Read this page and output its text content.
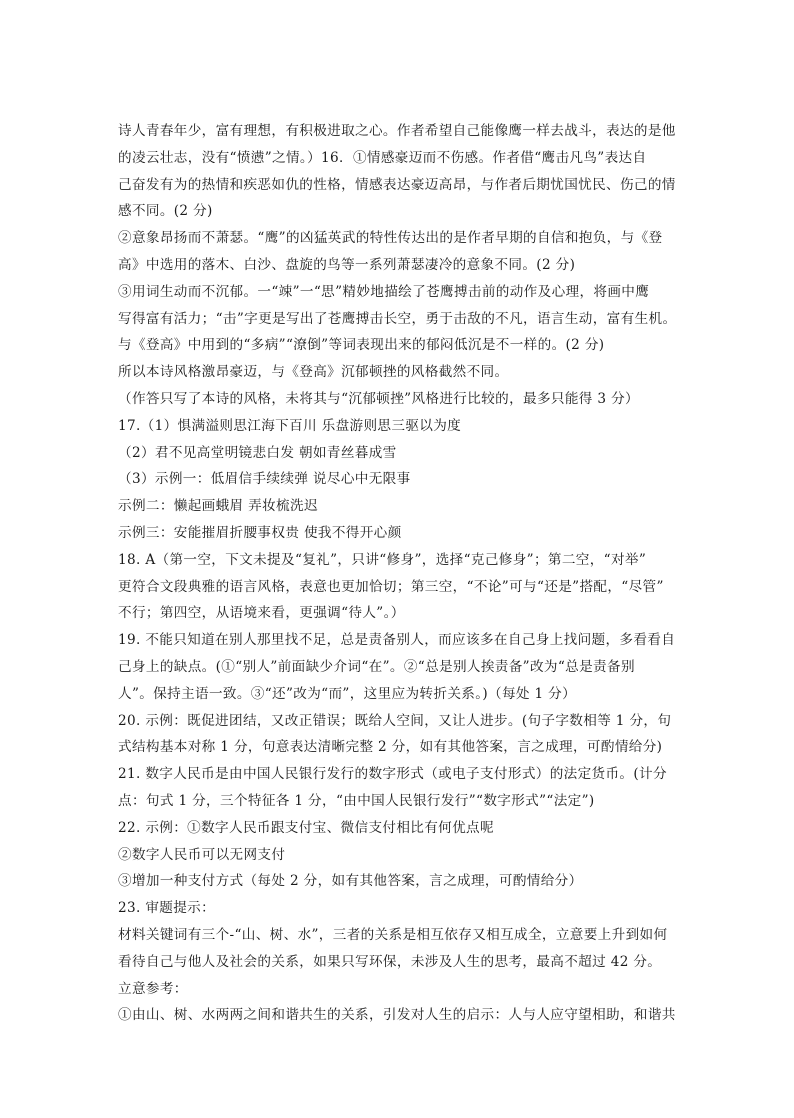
诗人青春年少，富有理想，有积极进取之心。作者希望自己能像鹰一样去战斗，表达的是他
的凌云壮志，没有“愤懑”之情。）16．①情感豪迈而不伤感。作者借“鹰击凡鸟”表达自
己奋发有为的热情和疾恶如仇的性格，情感表达豪迈高昂，与作者后期忧国忧民、伤己的情
感不同。(2 分)
②意象昂扬而不萧瑟。“鹰”的凶猛英武的特性传达出的是作者早期的自信和抱负，与《登
高》中选用的落木、白沙、盘旋的鸟等一系列萧瑟凄冷的意象不同。(2 分)
③用词生动而不沉郁。一“竦”一“思”精妙地描绘了苍鹰搏击前的动作及心理，将画中鹰
写得富有活力；“击”字更是写出了苍鹰搏击长空，勇于击敌的不凡，语言生动，富有生机。
与《登高》中用到的“多病”“潦倒”等词表现出来的郁闷低沉是不一样的。(2 分)
所以本诗风格激昂豪迈，与《登高》沉郁顿挫的风格截然不同。
（作答只写了本诗的风格，未将其与“沉郁顿挫”风格进行比较的，最多只能得 3 分）
17.（1）惧满溢则思江海下百川 乐盘游则思三驱以为度
（2）君不见高堂明镜悲白发 朝如青丝暮成雪
（3）示例一：低眉信手续续弹 说尽心中无限事
示例二：懒起画蛾眉 弄妆梳洗迟
示例三：安能摧眉折腰事权贵 使我不得开心颜
18. A（第一空，下文未提及“复礼”，只讲“修身”，选择“克己修身”；第二空，“对举”
更符合文段典雅的语言风格，表意也更加恰切；第三空，“不论”可与“还是”搭配，“尽管”
不行；第四空，从语境来看，更强调“待人”。）
19. 不能只知道在别人那里找不足，总是责备别人，而应该多在自己身上找问题，多看看自
己身上的缺点。(①“别人”前面缺少介词“在”。②“总是别人挨责备”改为“总是责备别
人”。保持主语一致。③“还”改为“而”，这里应为转折关系。)（每处 1 分）
20. 示例：既促进团结，又改正错误；既给人空间，又让人进步。(句子字数相等 1 分，句
式结构基本对称 1 分，句意表达清晰完整 2 分，如有其他答案，言之成理，可酌情给分)
21. 数字人民币是由中国人民银行发行的数字形式（或电子支付形式）的法定货币。(计分
点：句式 1 分，三个特征各 1 分，“由中国人民银行发行”“数字形式”“法定”)
22. 示例：①数字人民币跟支付宝、微信支付相比有何优点呢
②数字人民币可以无网支付
③增加一种支付方式（每处 2 分，如有其他答案，言之成理，可酌情给分）
23. 审题提示：
材料关键词有三个-“山、树、水”，三者的关系是相互依存又相互成全，立意要上升到如何
看待自己与他人及社会的关系，如果只写环保，未涉及人生的思考，最高不超过 42 分。
立意参考：
①由山、树、水两两之间和谐共生的关系，引发对人生的启示：人与人应守望相助，和谐共
